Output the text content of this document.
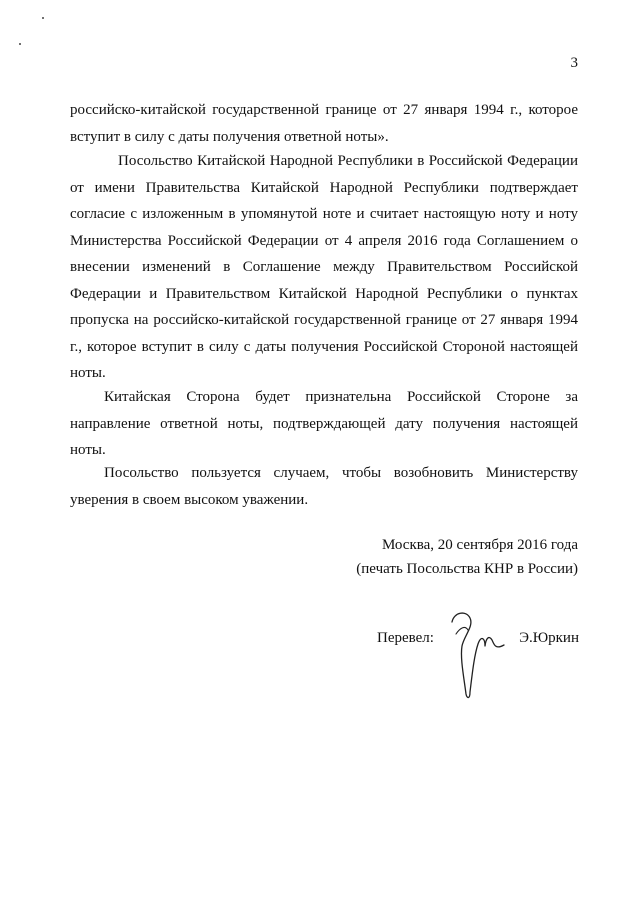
3
российско-китайской государственной границе от 27 января 1994 г., которое вступит в силу с даты получения ответной ноты».
Посольство Китайской Народной Республики в Российской Федерации от имени Правительства Китайской Народной Республики подтверждает согласие с изложенным в упомянутой ноте и считает настоящую ноту и ноту Министерства Российской Федерации от 4 апреля 2016 года Соглашением о внесении изменений в Соглашение между Правительством Российской Федерации и Правительством Китайской Народной Республики о пунктах пропуска на российско-китайской государственной границе от 27 января 1994 г., которое вступит в силу с даты получения Российской Стороной настоящей ноты.
Китайская Сторона будет признательна Российской Стороне за направление ответной ноты, подтверждающей дату получения настоящей ноты.
Посольство пользуется случаем, чтобы возобновить Министерству уверения в своем высоком уважении.
Москва, 20 сентября 2016 года
(печать Посольства КНР в России)
Перевел:	Э.Юркин
